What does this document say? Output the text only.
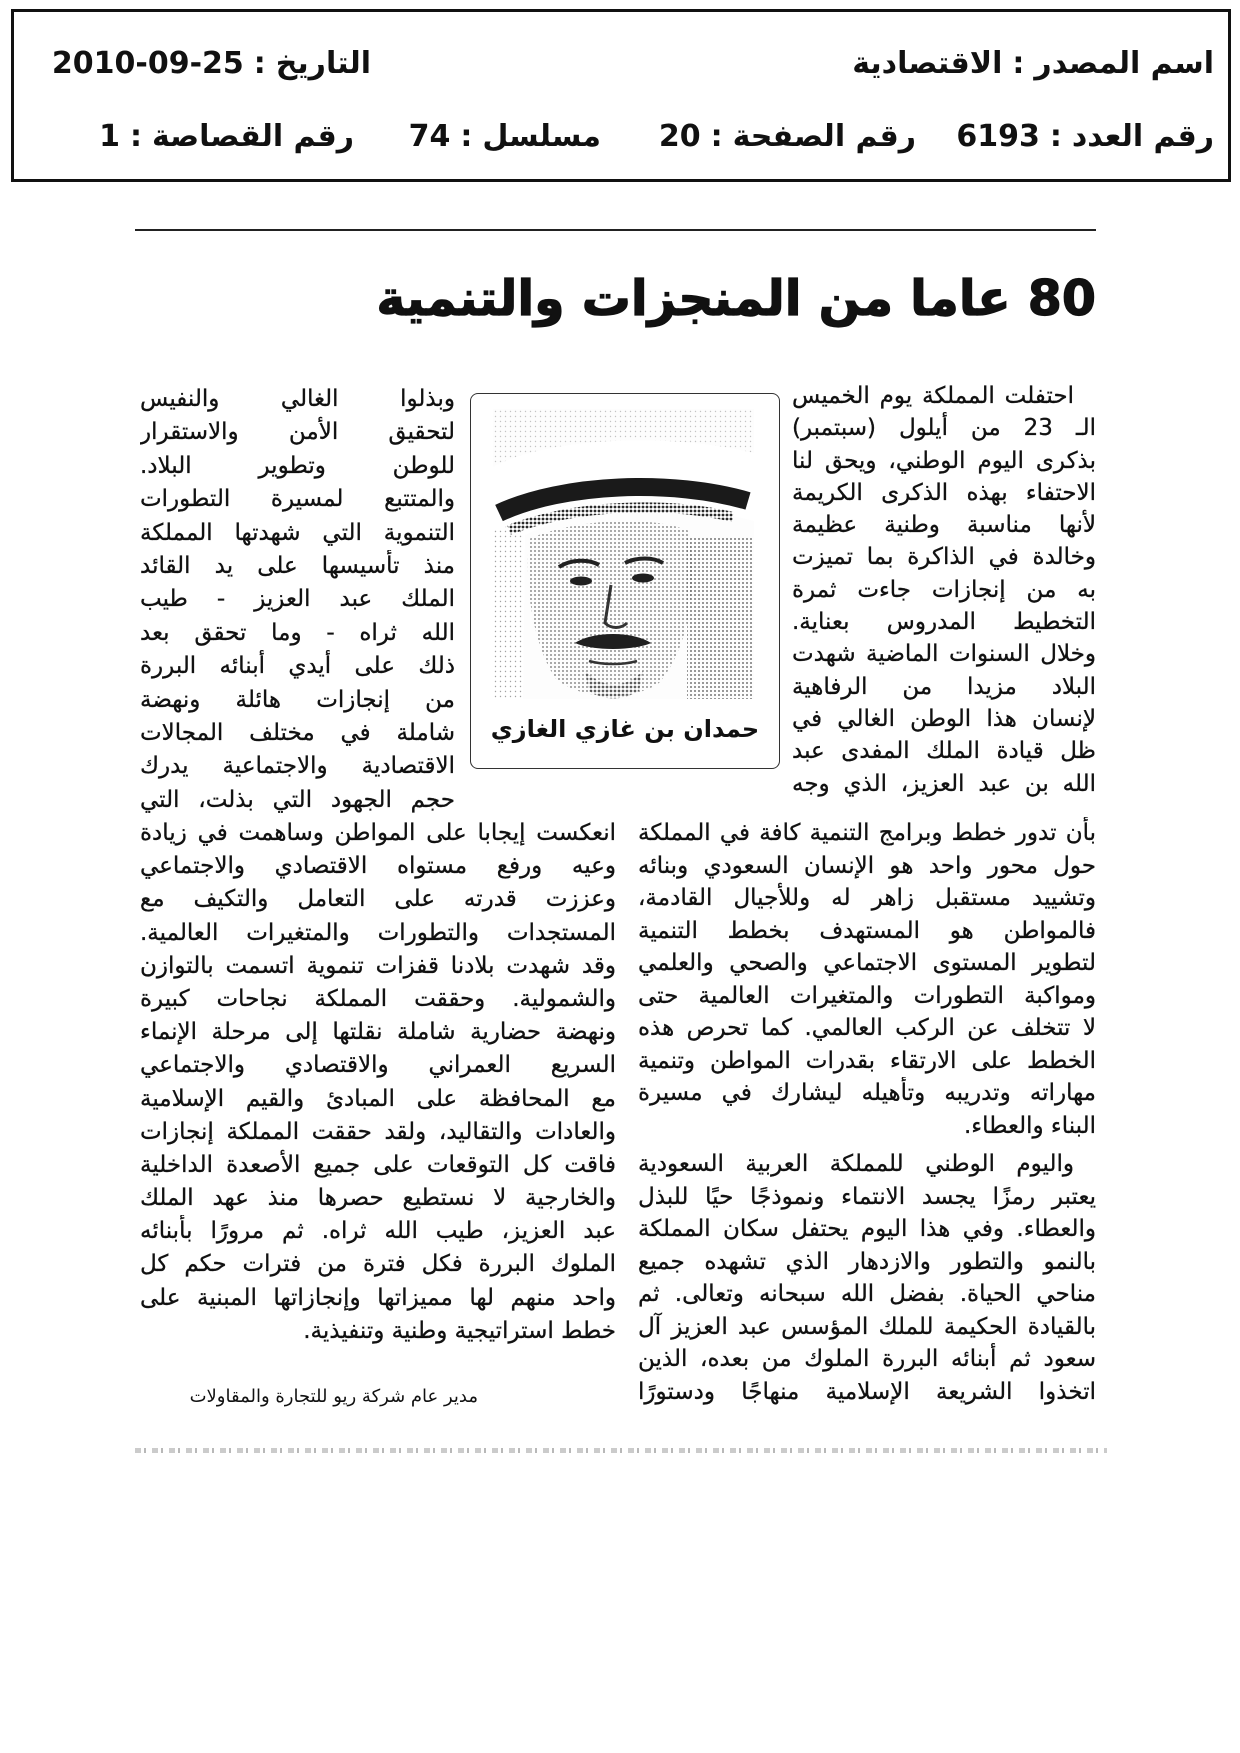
اسم المصدر
:
الاقتصادية
التاريخ
:
2010-09-25
رقم العدد
:
6193
رقم الصفحة
:
20
مسلسل
:
74
رقم القصاصة
:
1
80 عاما من المنجزات والتنمية
حمدان بن غازي الغازي
احتفلت المملكة يوم الخميس
الـ 23 من أيلول (سبتمبر)
بذكرى اليوم الوطني، ويحق لنا
الاحتفاء بهذه الذكرى الكريمة
لأنها مناسبة وطنية عظيمة
وخالدة في الذاكرة بما تميزت
به من إنجازات جاءت ثمرة
التخطيط المدروس بعناية.
وخلال السنوات الماضية شهدت
البلاد مزيدا من الرفاهية
لإنسان هذا الوطن الغالي في
ظل قيادة الملك المفدى عبد
الله بن عبد العزيز، الذي وجه
بأن تدور خطط وبرامج التنمية كافة في المملكة
حول محور واحد هو الإنسان السعودي وبنائه
وتشييد مستقبل زاهر له وللأجيال القادمة،
فالمواطن هو المستهدف بخطط التنمية
لتطوير المستوى الاجتماعي والصحي والعلمي
ومواكبة التطورات والمتغيرات العالمية حتى
لا تتخلف عن الركب العالمي. كما تحرص هذه
الخطط على الارتقاء بقدرات المواطن وتنمية
مهاراته وتدريبه وتأهيله ليشارك في مسيرة
البناء والعطاء.
واليوم الوطني للمملكة العربية السعودية
يعتبر رمزًا يجسد الانتماء ونموذجًا حيًا للبذل
والعطاء. وفي هذا اليوم يحتفل سكان المملكة
بالنمو والتطور والازدهار الذي تشهده جميع
مناحي الحياة. بفضل الله سبحانه وتعالى. ثم
بالقيادة الحكيمة للملك المؤسس عبد العزيز آل
سعود ثم أبنائه البررة الملوك من بعده، الذين
اتخذوا الشريعة الإسلامية منهاجًا ودستورًا
وبذلوا الغالي والنفيس
لتحقيق الأمن والاستقرار
للوطن وتطوير البلاد.
والمتتبع لمسيرة التطورات
التنموية التي شهدتها المملكة
منذ تأسيسها على يد القائد
الملك عبد العزيز - طيب
الله ثراه - وما تحقق بعد
ذلك على أيدي أبنائه البررة
من إنجازات هائلة ونهضة
شاملة في مختلف المجالات
الاقتصادية والاجتماعية يدرك
حجم الجهود التي بذلت، التي
انعكست إيجابا على المواطن وساهمت في زيادة
وعيه ورفع مستواه الاقتصادي والاجتماعي
وعززت قدرته على التعامل والتكيف مع
المستجدات والتطورات والمتغيرات العالمية.
وقد شهدت بلادنا قفزات تنموية اتسمت بالتوازن
والشمولية. وحققت المملكة نجاحات كبيرة
ونهضة حضارية شاملة نقلتها إلى مرحلة الإنماء
السريع العمراني والاقتصادي والاجتماعي
مع المحافظة على المبادئ والقيم الإسلامية
والعادات والتقاليد، ولقد حققت المملكة إنجازات
فاقت كل التوقعات على جميع الأصعدة الداخلية
والخارجية لا نستطيع حصرها منذ عهد الملك
عبد العزيز، طيب الله ثراه. ثم مرورًا بأبنائه
الملوك البررة فكل فترة من فترات حكم كل
واحد منهم لها مميزاتها وإنجازاتها المبنية على
خطط استراتيجية وطنية وتنفيذية.
مدير عام شركة ريو للتجارة والمقاولات
